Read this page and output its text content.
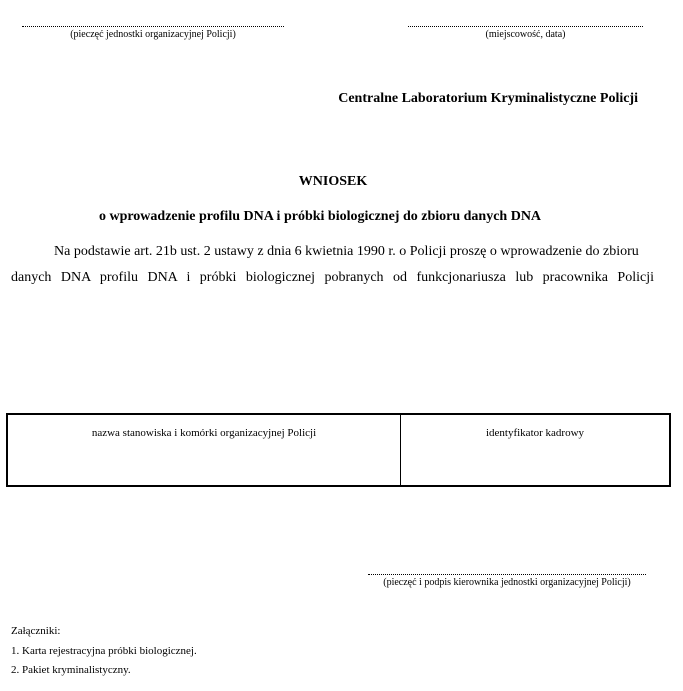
(pieczęć jednostki organizacyjnej Policji)	(miejscowość, data)
Centralne Laboratorium Kryminalistyczne Policji
WNIOSEK
o wprowadzenie profilu DNA i próbki biologicznej do zbioru danych DNA
Na podstawie art. 21b ust. 2 ustawy z dnia 6 kwietnia 1990 r. o Policji proszę o wprowadzenie do zbioru
danych DNA profilu DNA i próbki biologicznej pobranych od funkcjonariusza lub pracownika Policji
nazwa stanowiska i komórki organizacyjnej Policji	identyfikator kadrowy
(pieczęć i podpis kierownika jednostki organizacyjnej Policji)
Załączniki:
1. Karta rejestracyjna próbki biologicznej.
2. Pakiet kryminalistyczny.
